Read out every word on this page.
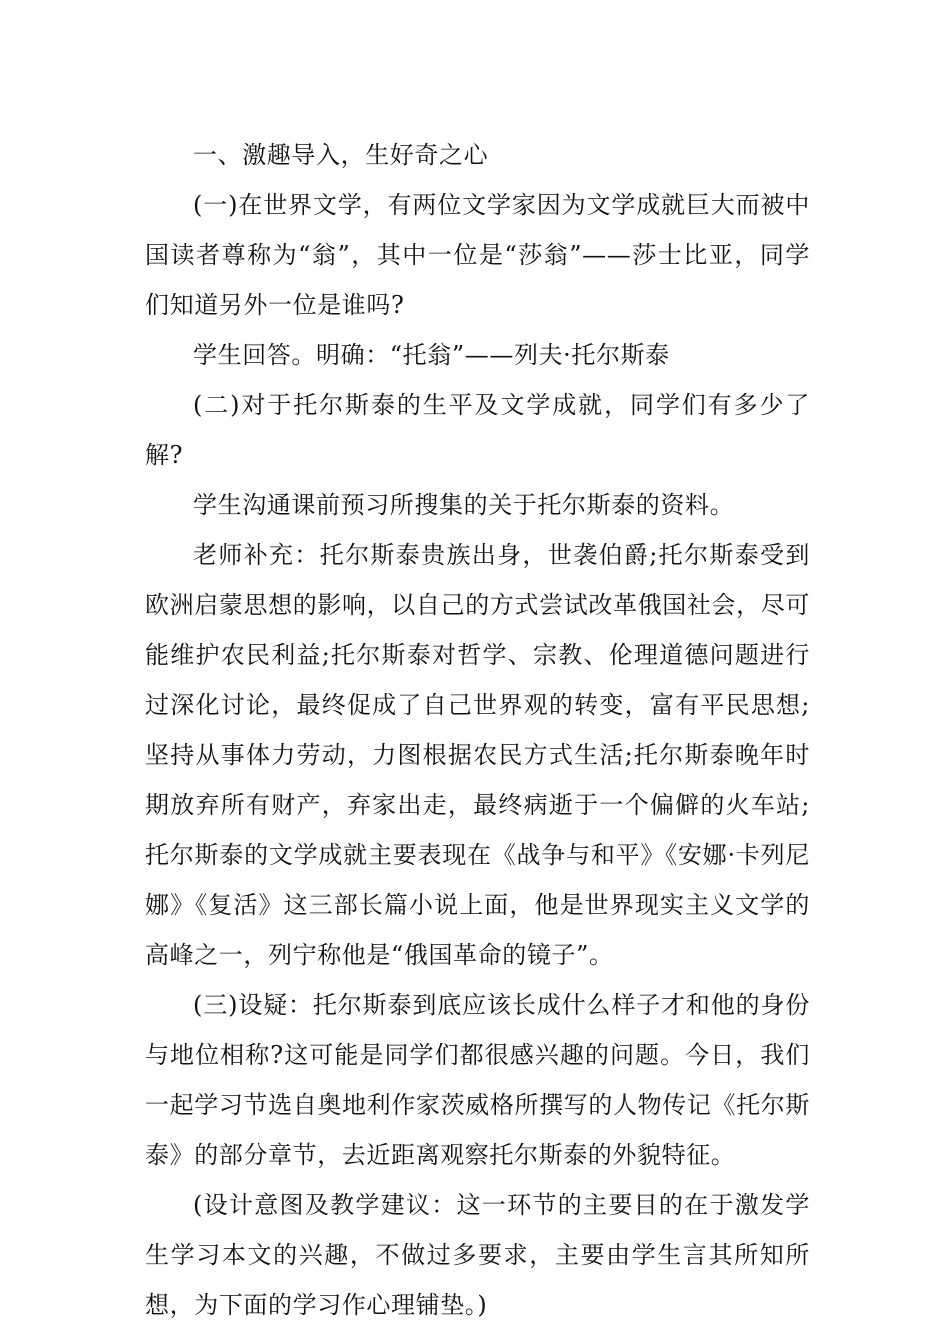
一、激趣导入，生好奇之心

(一)在世界文学，有两位文学家因为文学成就巨大而被中国读者尊称为“翁”，其中一位是“莎翁”——莎士比亚，同学们知道另外一位是谁吗?

学生回答。明确：“托翁”——列夫·托尔斯泰

(二)对于托尔斯泰的生平及文学成就，同学们有多少了解?

学生沟通课前预习所搜集的关于托尔斯泰的资料。

老师补充：托尔斯泰贵族出身，世袭伯爵;托尔斯泰受到欧洲启蒙思想的影响，以自己的方式尝试改革俄国社会，尽可能维护农民利益;托尔斯泰对哲学、宗教、伦理道德问题进行过深化讨论，最终促成了自己世界观的转变，富有平民思想;坚持从事体力劳动，力图根据农民方式生活;托尔斯泰晚年时期放弃所有财产，弃家出走，最终病逝于一个偏僻的火车站;托尔斯泰的文学成就主要表现在《战争与和平》《安娜·卡列尼娜》《复活》这三部长篇小说上面，他是世界现实主义文学的高峰之一，列宁称他是“俄国革命的镜子”。

(三)设疑：托尔斯泰到底应该长成什么样子才和他的身份与地位相称?这可能是同学们都很感兴趣的问题。今日，我们一起学习节选自奥地利作家茨威格所撰写的人物传记《托尔斯泰》的部分章节，去近距离观察托尔斯泰的外貌特征。

(设计意图及教学建议：这一环节的主要目的在于激发学生学习本文的兴趣，不做过多要求，主要由学生言其所知所想，为下面的学习作心理铺垫。)
